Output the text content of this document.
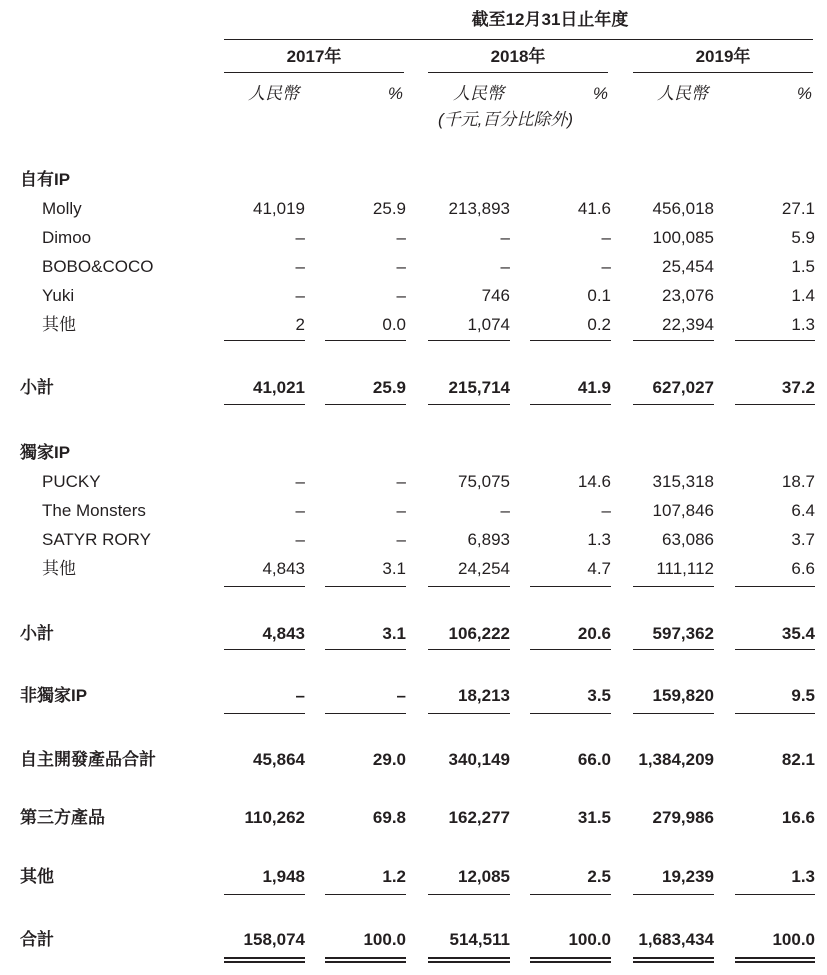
截至12月31日止年度
2017年	2018年	2019年
人民幣	%	人民幣	%	人民幣	%
(千元,百分比除外)
自有IP
Molly	41,019	25.9	213,893	41.6	456,018	27.1
Dimoo	–	–	–	–	100,085	5.9
BOBO&COCO	–	–	–	–	25,454	1.5
Yuki	–	–	746	0.1	23,076	1.4
其他	2	0.0	1,074	0.2	22,394	1.3
小計	41,021	25.9	215,714	41.9	627,027	37.2
獨家IP
PUCKY	–	–	75,075	14.6	315,318	18.7
The Monsters	–	–	–	–	107,846	6.4
SATYR RORY	–	–	6,893	1.3	63,086	3.7
其他	4,843	3.1	24,254	4.7	111,112	6.6
小計	4,843	3.1	106,222	20.6	597,362	35.4
非獨家IP	–	–	18,213	3.5	159,820	9.5
自主開發產品合計	45,864	29.0	340,149	66.0	1,384,209	82.1
第三方產品	110,262	69.8	162,277	31.5	279,986	16.6
其他	1,948	1.2	12,085	2.5	19,239	1.3
合計	158,074	100.0	514,511	100.0	1,683,434	100.0
